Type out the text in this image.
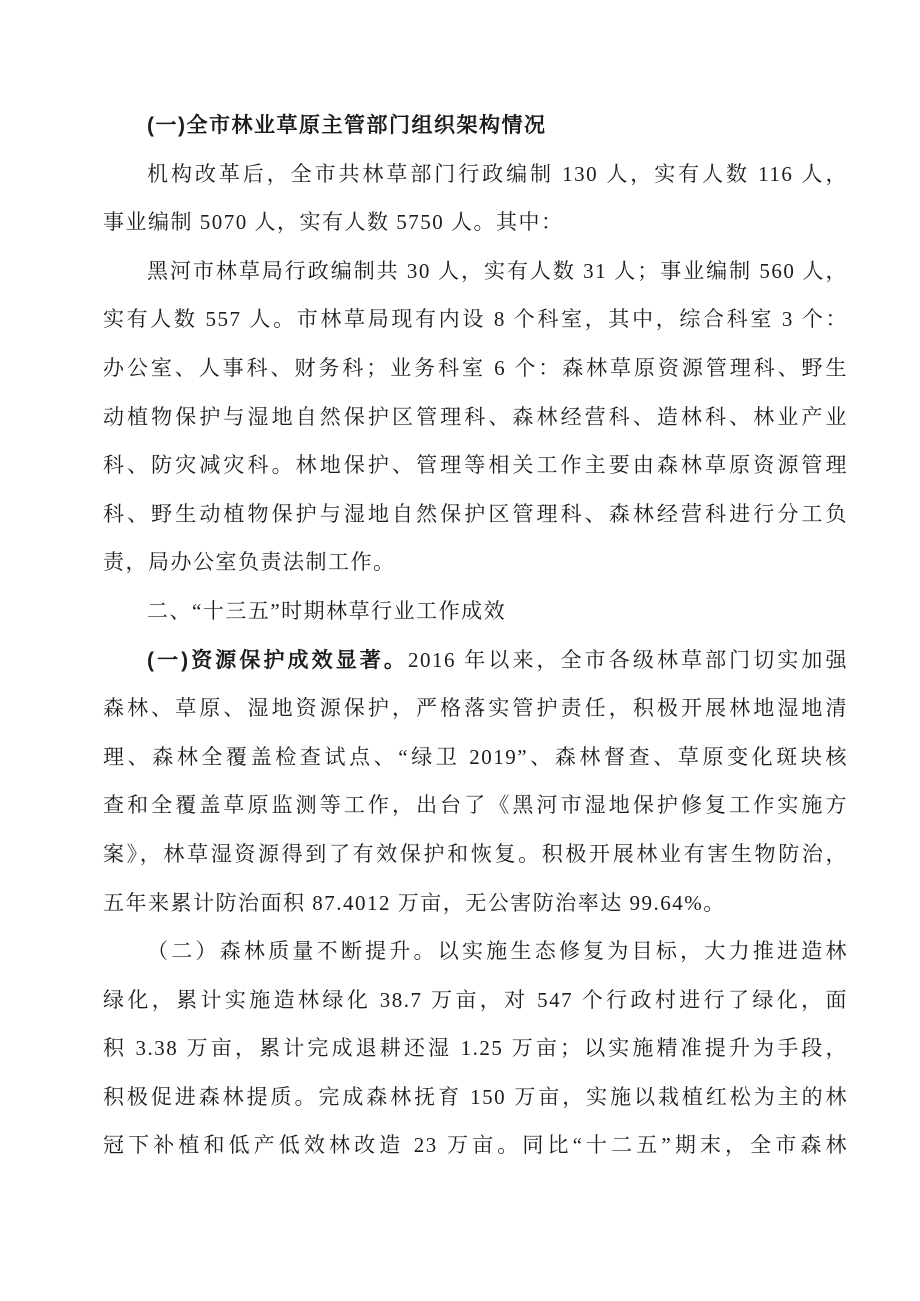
(一)全市林业草原主管部门组织架构情况
机构改革后，全市共林草部门行政编制 130 人，实有人数 116 人，
事业编制 5070 人，实有人数 5750 人。其中：
黑河市林草局行政编制共 30 人，实有人数 31 人；事业编制 560 人，
实有人数 557 人。市林草局现有内设 8 个科室，其中，综合科室 3 个：
办公室、人事科、财务科；业务科室 6 个：森林草原资源管理科、野生
动植物保护与湿地自然保护区管理科、森林经营科、造林科、林业产业
科、防灾减灾科。林地保护、管理等相关工作主要由森林草原资源管理
科、野生动植物保护与湿地自然保护区管理科、森林经营科进行分工负
责，局办公室负责法制工作。
二、“十三五”时期林草行业工作成效
(一)资源保护成效显著。2016 年以来，全市各级林草部门切实加强
森林、草原、湿地资源保护，严格落实管护责任，积极开展林地湿地清
理、森林全覆盖检查试点、“绿卫 2019”、森林督查、草原变化斑块核
查和全覆盖草原监测等工作，出台了《黑河市湿地保护修复工作实施方
案》，林草湿资源得到了有效保护和恢复。积极开展林业有害生物防治，
五年来累计防治面积 87.4012 万亩，无公害防治率达 99.64%。
（二）森林质量不断提升。以实施生态修复为目标，大力推进造林
绿化，累计实施造林绿化 38.7 万亩，对 547 个行政村进行了绿化，面
积 3.38 万亩，累计完成退耕还湿 1.25 万亩；以实施精准提升为手段，
积极促进森林提质。完成森林抚育 150 万亩，实施以栽植红松为主的林
冠下补植和低产低效林改造 23 万亩。同比“十二五”期末，全市森林
